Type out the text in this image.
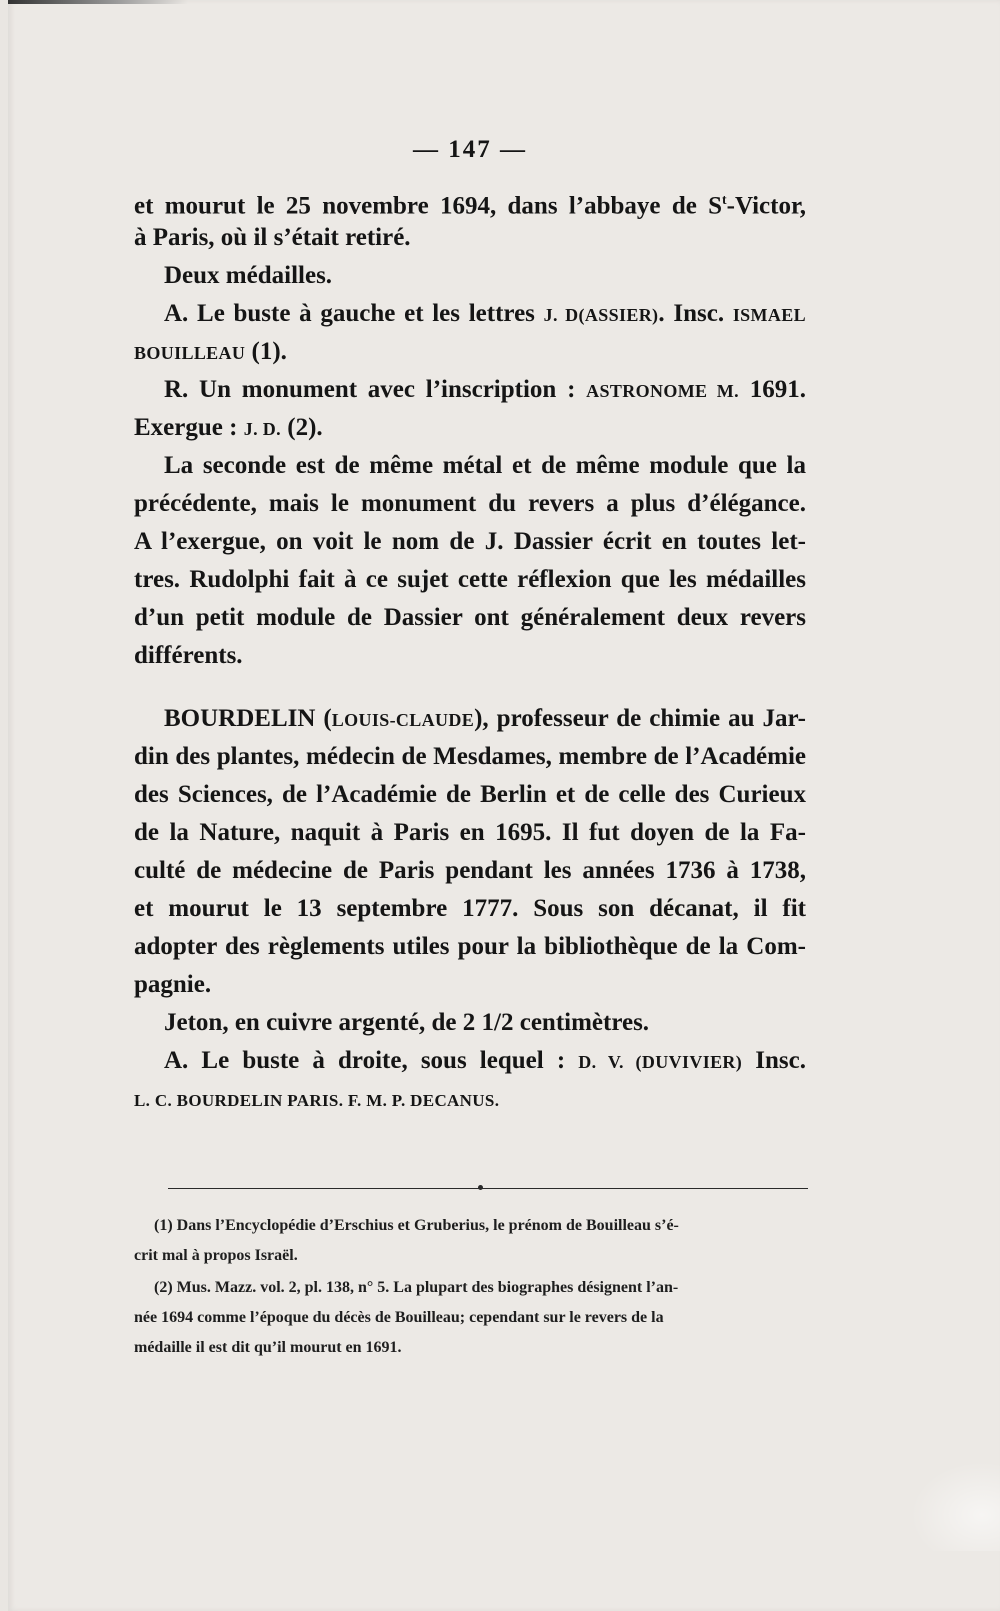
— 147 —
et mourut le 25 novembre 1694, dans l’abbaye de $S^t$-Victor,
à Paris, où il s’était retiré.
Deux médailles.
A. Le buste à gauche et les lettres J. D(ASSIER). Insc. ISMAEL
BOUILLEAU (1).
R. Un monument avec l’inscription : ASTRONOME M. 1691.
Exergue : J. D. (2).
La seconde est de même métal et de même module que la
précédente, mais le monument du revers a plus d’élégance.
A l’exergue, on voit le nom de J. Dassier écrit en toutes let-
tres. Rudolphi fait à ce sujet cette réflexion que les médailles
d’un petit module de Dassier ont généralement deux revers
différents.
BOURDELIN (LOUIS-CLAUDE), professeur de chimie au Jar-
din des plantes, médecin de Mesdames, membre de l’Académie
des Sciences, de l’Académie de Berlin et de celle des Curieux
de la Nature, naquit à Paris en 1695. Il fut doyen de la Fa-
culté de médecine de Paris pendant les années 1736 à 1738,
et mourut le 13 septembre 1777. Sous son décanat, il fit
adopter des règlements utiles pour la bibliothèque de la Com-
pagnie.
Jeton, en cuivre argenté, de 2 1/2 centimètres.
A. Le buste à droite, sous lequel : D. V. (DUVIVIER) Insc.
L. C. BOURDELIN PARIS. F. M. P. DECANUS.
(1) Dans l’Encyclopédie d’Erschius et Gruberius, le prénom de Bouilleau s’é-
crit mal à propos Israël.
(2) Mus. Mazz. vol. 2, pl. 138, n° 5. La plupart des biographes désignent l’an-
née 1694 comme l’époque du décès de Bouilleau; cependant sur le revers de la
médaille il est dit qu’il mourut en 1691.
